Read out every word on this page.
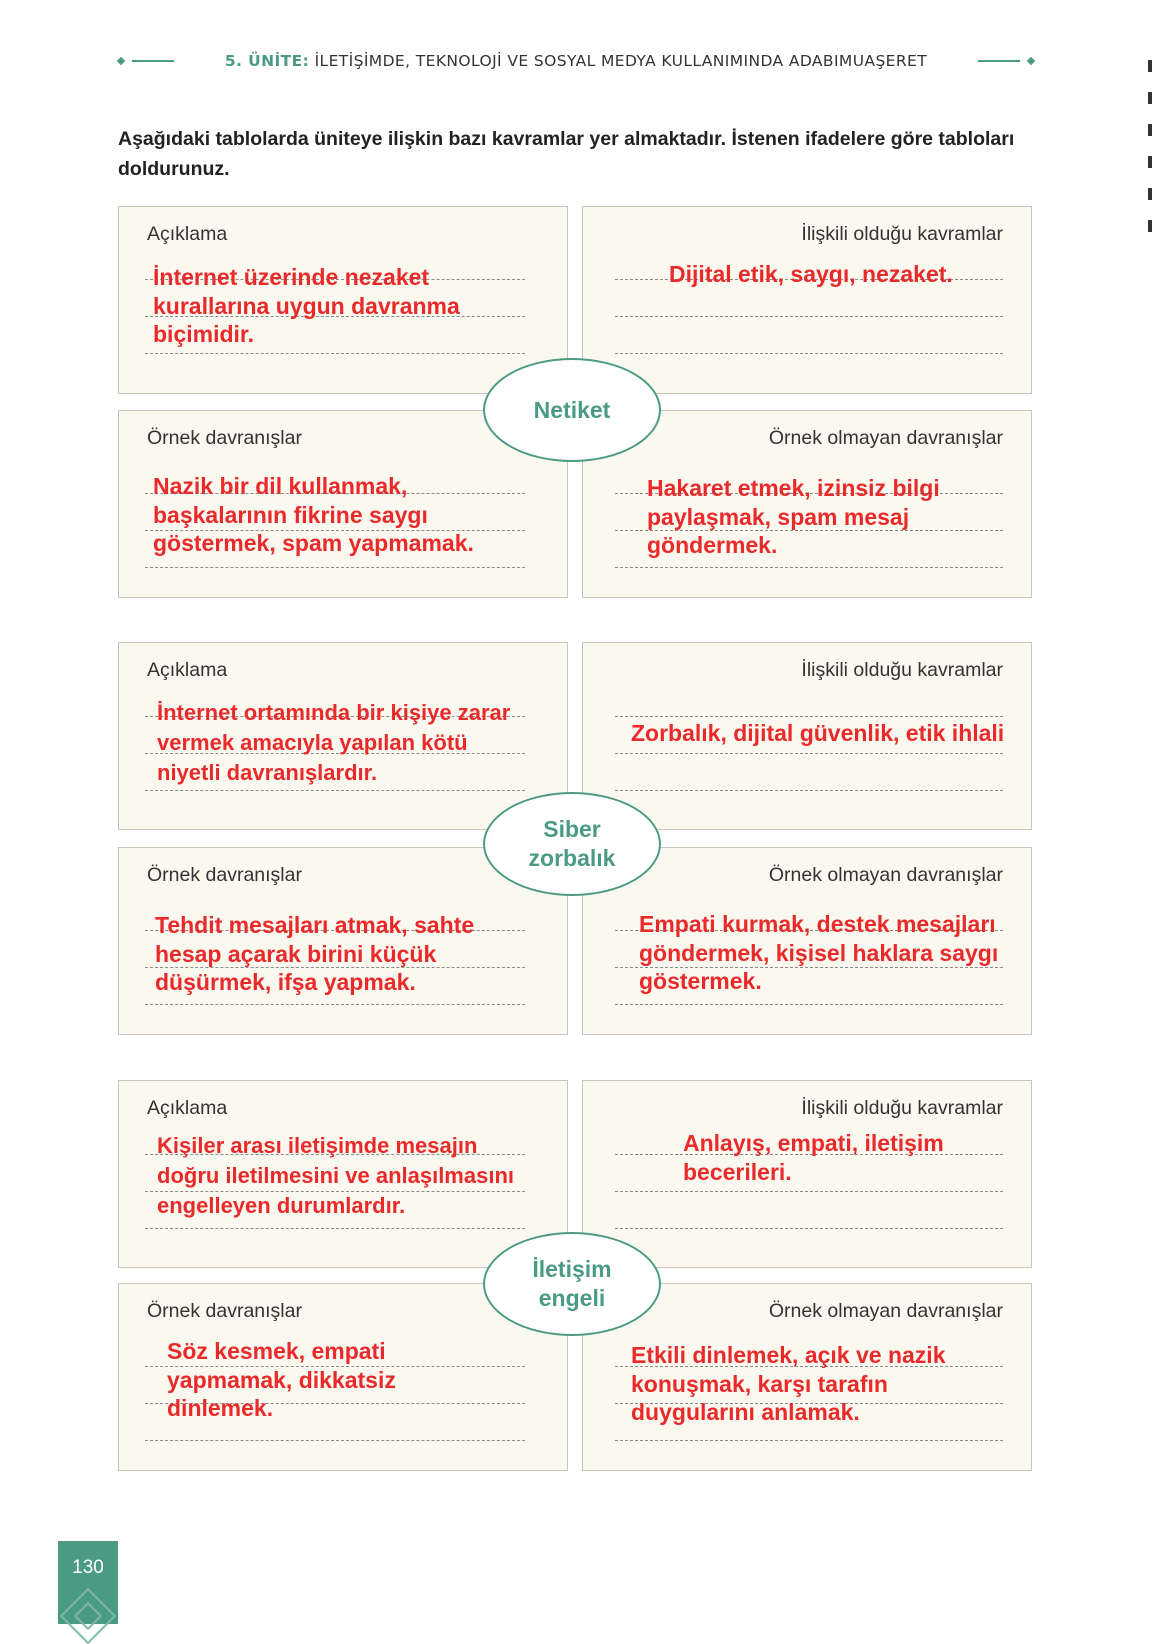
5. ÜNİTE: İLETİŞİMDE, TEKNOLOJİ VE SOSYAL MEDYA KULLANIMINDA ADABIMUAŞERET
Aşağıdaki tablolarda üniteye ilişkin bazı kavramlar yer almaktadır. İstenen ifadelere göre tabloları doldurunuz.
Açıklama
İnternet üzerinde nezaket kurallarına uygun davranma biçimidir.
İlişkili olduğu kavramlar
Dijital etik, saygı, nezaket.
Örnek davranışlar
Nazik bir dil kullanmak, başkalarının fikrine saygı göstermek, spam yapmamak.
Örnek olmayan davranışlar
Hakaret etmek, izinsiz bilgi paylaşmak, spam mesaj göndermek.
Netiket
Açıklama
İnternet ortamında bir kişiye zarar vermek amacıyla yapılan kötü niyetli davranışlardır.
İlişkili olduğu kavramlar
Zorbalık, dijital güvenlik, etik ihlali
Örnek davranışlar
Tehdit mesajları atmak, sahte hesap açarak birini küçük düşürmek, ifşa yapmak.
Örnek olmayan davranışlar
Empati kurmak, destek mesajları göndermek, kişisel haklara saygı göstermek.
Siber zorbalık
Açıklama
Kişiler arası iletişimde mesajın doğru iletilmesini ve anlaşılmasını engelleyen durumlardır.
İlişkili olduğu kavramlar
Anlayış, empati, iletişim becerileri.
Örnek davranışlar
Söz kesmek, empati yapmamak, dikkatsiz dinlemek.
Örnek olmayan davranışlar
Etkili dinlemek, açık ve nazik konuşmak, karşı tarafın duygularını anlamak.
İletişim engeli
130
